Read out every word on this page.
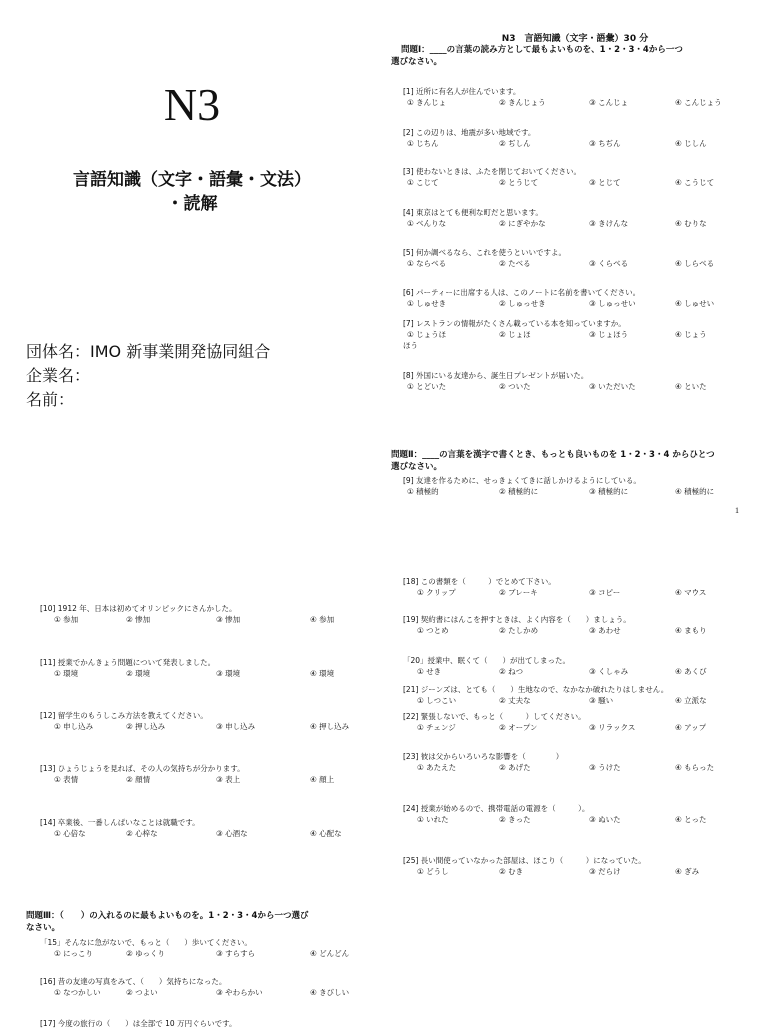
N3
言語知識（文字・語彙・文法）
・読解
団体名：IMO 新事業開発協同組合
企業名：
名前：
N3　言語知識（文字・語彙）30 分
問題Ⅰ：____の言葉の読み方として最もよいものを、1・2・3・4から一つ
選びなさい。
[1] 近所に有名人が住んでいます。
① きんじょ	② きんじょう	③ こんじょ	④ こんじょう
[2] この辺りは、地震が多い地域です。
① じちん	② ぢしん	③ ちぢん	④ じしん
[3] 使わないときは、ふたを閉じておいてください。
① こじて	② とうじて	③ とじて	④ こうじて
[4] 東京はとても便利な町だと思います。
① べんりな	② にぎやかな	③ きけんな	④ むりな
[5] 何か調べるなら、これを使うといいですよ。
① ならべる	② たべる	③ くらべる	④ しらべる
[6] パーティーに出席する人は、このノートに名前を書いてください。
① しゅせき	② しゅっせき	③ しゅっせい	④ しゅせい
[7] レストランの情報がたくさん載っている本を知っていますか。
① じょうほ	② じょほ	③ じょほう	④ じょう
ほう
[8] 外国にいる友達から、誕生日プレゼントが届いた。
① とどいた	② ついた	③ いただいた	④ といた
[9] 友達を作るために、せっきょくてきに話しかけるようにしている。
① 積極的	② 積極的に	③ 積極的に	④ 積極的に
問題Ⅱ：____の言葉を漢字で書くとき、もっとも良いものを 1・2・3・4 からひとつ
選びなさい。
1
[10] 1912 年、日本は初めてオリンピックにさんかした。
① 参加	② 惨加	③ 惨加	④ 参加
[11] 授業でかんきょう問題について発表しました。
① 環境	② 環境	③ 環境	④ 環境
[12] 留学生のもうしこみ方法を教えてください。
① 申し込み	② 押し込み	③ 申し込み	④ 押し込み
[13] ひょうじょうを見れば、その人の気持ちが分かります。
① 表情	② 顔情	③ 表上	④ 顔上
[14] 卒業後、一番しんぱいなことは就職です。
① 心倍な	② 心梓な	③ 心酒な	④ 心配な
「15」そんなに急がないで、もっと（　　）歩いてください。
① にっこり	② ゆっくり	③ すらすら	④ どんどん
[16] 昔の友達の写真をみて、（　　）気持ちになった。
① なつかしい	② つよい	③ やわらかい	④ きびしい
[17] 今度の旅行の（　　）は全部で 10 万円ぐらいです。
問題Ⅲ：（　　）の入れるのに最もよいものを。1・2・3・4から一つ選び
なさい。
[18] この書類を（　　　）でとめて下さい。
① クリップ	② ブレーキ	③ コピー	④ マウス
[19] 契約書にはんこを押すときは、よく内容を（　　）ましょう。
① つとめ	② たしかめ	③ あわせ	④ まもり
「20」授業中、眠くて（　　）が出てしまった。
① せき	② ねつ	③ くしゃみ	④ あくび
[21] ジーンズは、とても（　　）生地なので、なかなか破れたりはしません。
① しつこい	② 丈夫な	③ 騒い	④ 立派な
[22] 緊張しないで、もっと（　　　）してください。
① チェンジ	② オープン	③ リラックス	④ アップ
[23] 彼は父からいろいろな影響を（　　　　）
① あたえた	② あげた	③ うけた	④ もらった
[24] 授業が始めるので、携帯電話の電源を（　　　）。
① いれた	② きった	③ ぬいた	④ とった
[25] 長い間使っていなかった部屋は、ほこり（　　　）になっていた。
① どうし	② むき	③ だらけ	④ ぎみ
